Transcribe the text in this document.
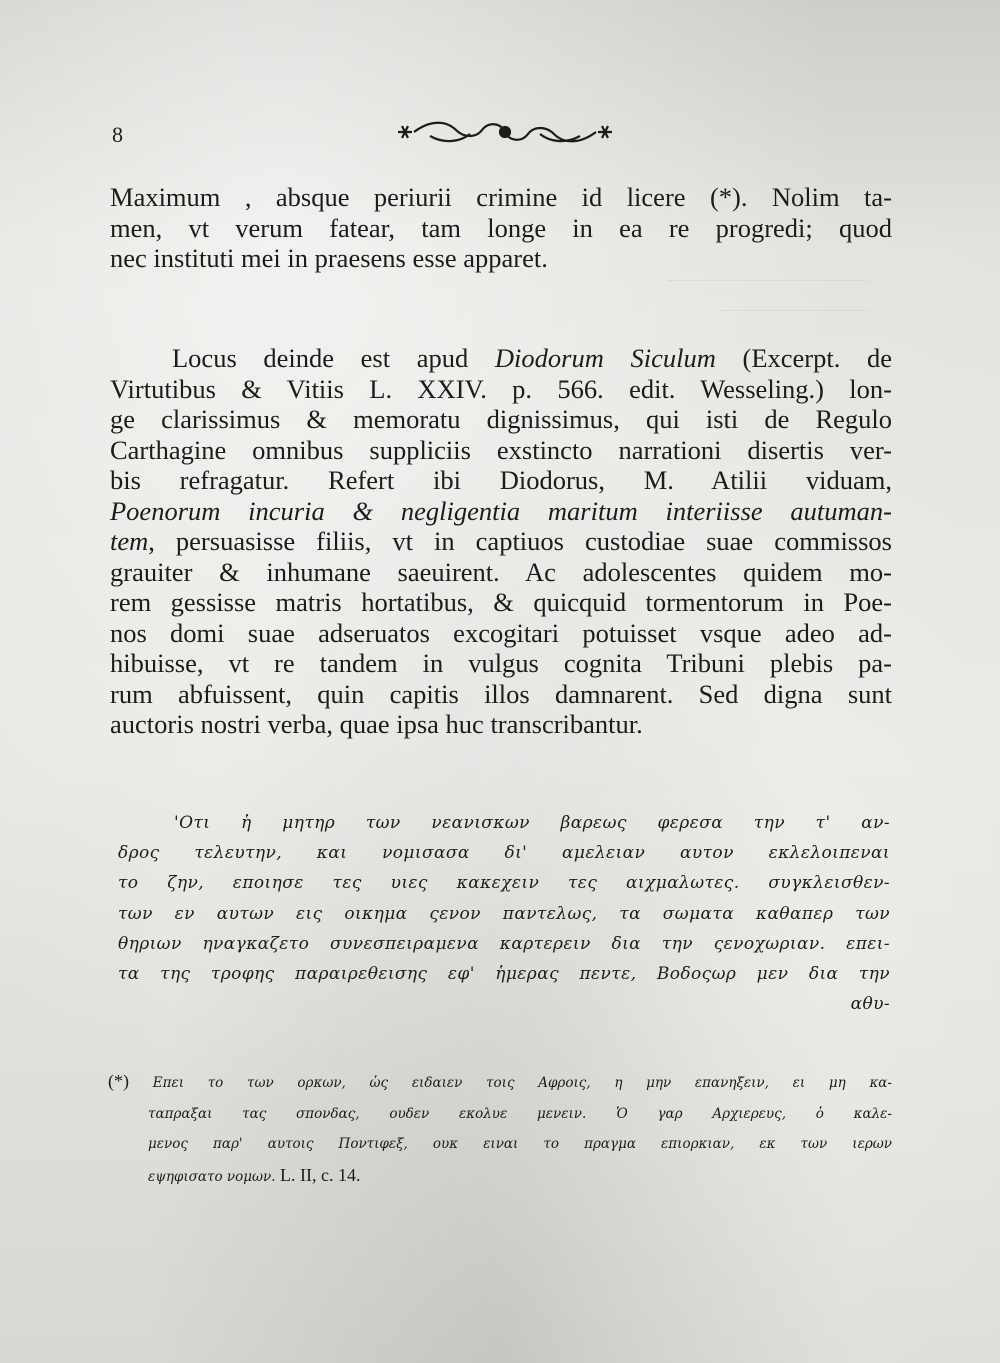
8
Maximum , absque periurii crimine id licere (*). Nolim ta-
men, vt verum fatear, tam longe in ea re progredi; quod
nec instituti mei in praesens esse apparet.
Locus deinde est apud Diodorum Siculum (Excerpt. de
Virtutibus & Vitiis L. XXIV. p. 566. edit. Wesseling.) lon-
ge clarissimus & memoratu dignissimus, qui isti de Regulo
Carthagine omnibus suppliciis exstincto narrationi disertis ver-
bis refragatur. Refert ibi Diodorus, M. Atilii viduam,
Poenorum incuria & negligentia maritum interiisse autuman-
tem, persuasisse filiis, vt in captiuos custodiae suae commissos
grauiter & inhumane saeuirent. Ac adolescentes quidem mo-
rem gessisse matris hortatibus, & quicquid tormentorum in Poe-
nos domi suae adseruatos excogitari potuisset vsque adeo ad-
hibuisse, vt re tandem in vulgus cognita Tribuni plebis pa-
rum abfuissent, quin capitis illos damnarent. Sed digna sunt
auctoris nostri verba, quae ipsa huc transcribantur.
'Οτι ἡ μητηρ των νεανισκων βαρεως φερεσα την τ' αν-
δρος τελευτην, και νομισασα δι' αμελειαν αυτον εκλελοιπεναι
το ζην, εποιησε τες υιες κακεχειν τες αιχμαλωτες. συγκλεισθεν-
των εν αυτων εις οικημα ςενον παντελως, τα σωματα καθαπερ των
θηριων ηναγκαζετο συνεσπειραμενα καρτερειν δια την ςενοχωριαν. επει-
τα της τροφης παραιρεθεισης εφ' ἡμερας πεντε, Βοδοςωρ μεν δια την
αθυ-
(*) Επει το των ορκων, ὡς ειδαιεν τοις Αφροις, η μην επανηξειν, ει μη κα-
ταπραξαι τας σπονδας, ουδεν εκολυε μενειν. Ὁ γαρ Αρχιερευς, ὁ καλε-
μενος παρ' αυτοις Ποντιφεξ, ουκ ειναι το πραγμα επιορκιαν, εκ των ιερων
εψηφισατο νομων. L. II, c. 14.
